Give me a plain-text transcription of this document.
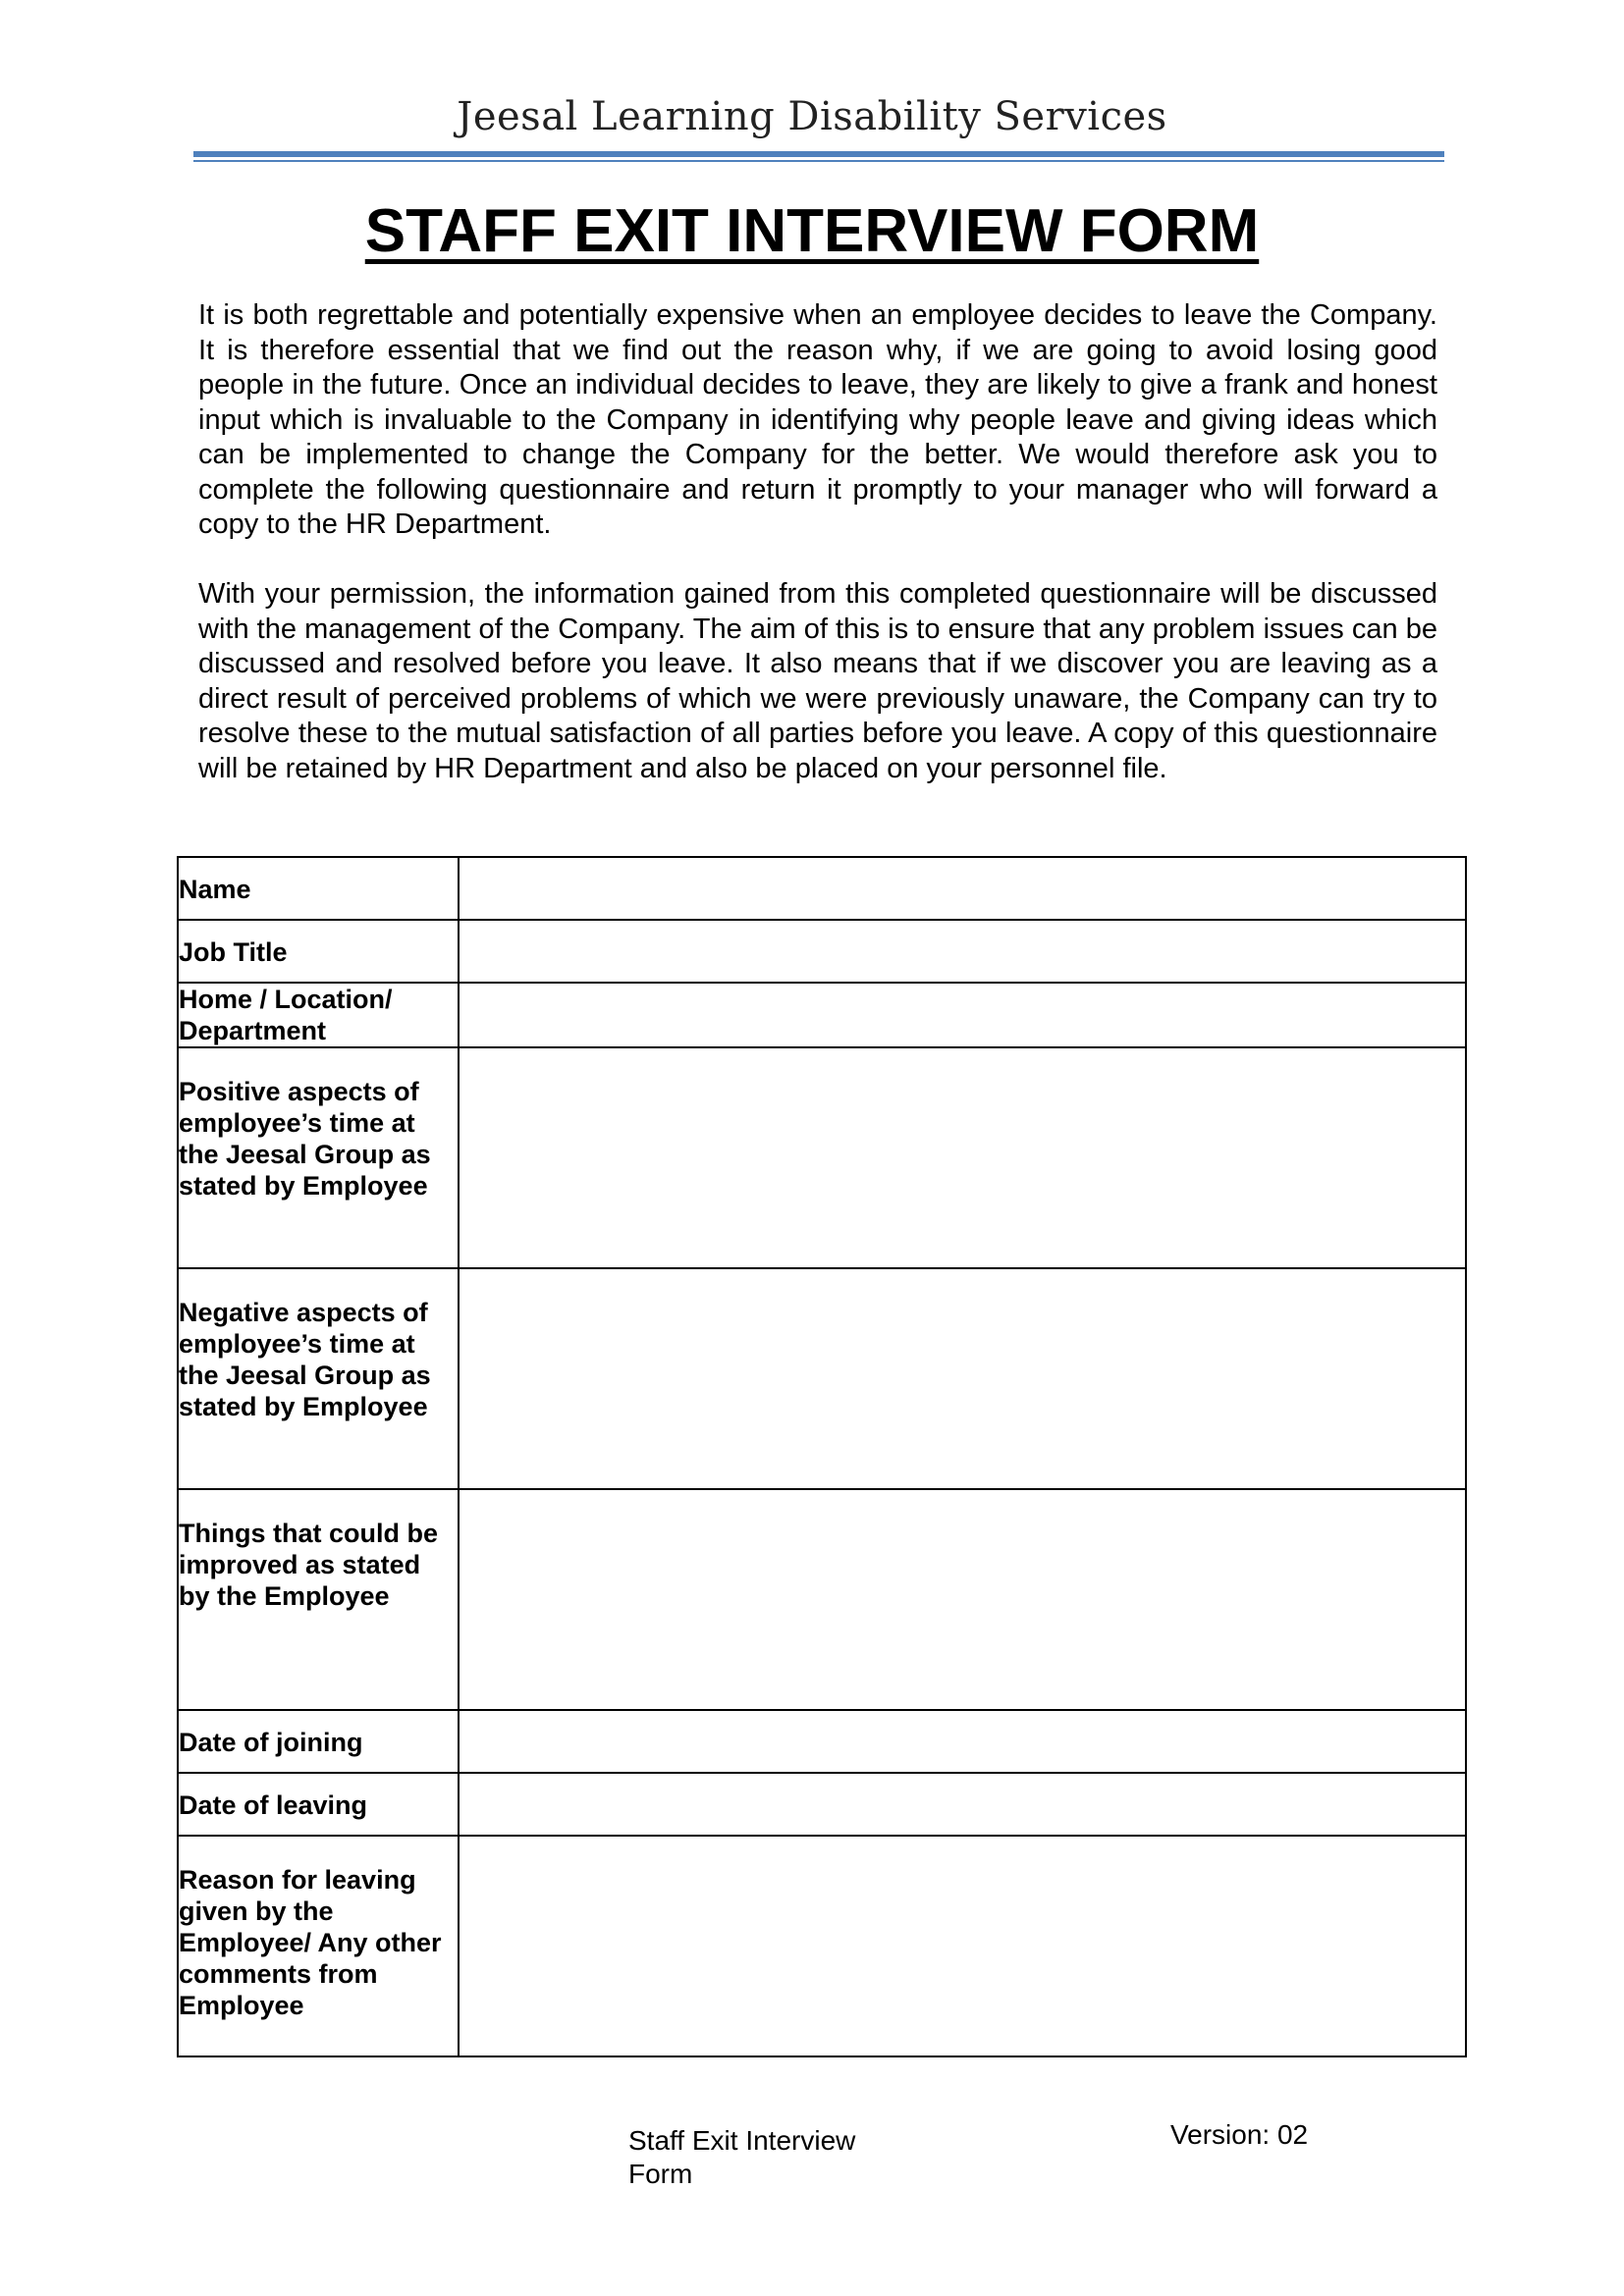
Jeesal Learning Disability Services
STAFF EXIT INTERVIEW FORM

It is both regrettable and potentially expensive when an employee decides to leave the Company. It is therefore essential that we find out the reason why, if we are going to avoid losing good people in the future. Once an individual decides to leave, they are likely to give a frank and honest input which is invaluable to the Company in identifying why people leave and giving ideas which can be implemented to change the Company for the better. We would therefore ask you to complete the following questionnaire and return it promptly to your manager who will forward a copy to the HR Department.

With your permission, the information gained from this completed questionnaire will be discussed with the management of the Company. The aim of this is to ensure that any problem issues can be discussed and resolved before you leave. It also means that if we discover you are leaving as a direct result of perceived problems of which we were previously unaware, the Company can try to resolve these to the mutual satisfaction of all parties before you leave. A copy of this questionnaire will be retained by HR Department and also be placed on your personnel file.

Name	
Job Title	
Home / Location/ Department	
Positive aspects of employee’s time at the Jeesal Group as stated by Employee	
Negative aspects of employee’s time at the Jeesal Group as stated by Employee	
Things that could be improved as stated by the Employee	
Date of joining	
Date of leaving	
Reason for leaving given by the Employee/ Any other comments from Employee	
Staff Exit Interview Form
Version: 02
